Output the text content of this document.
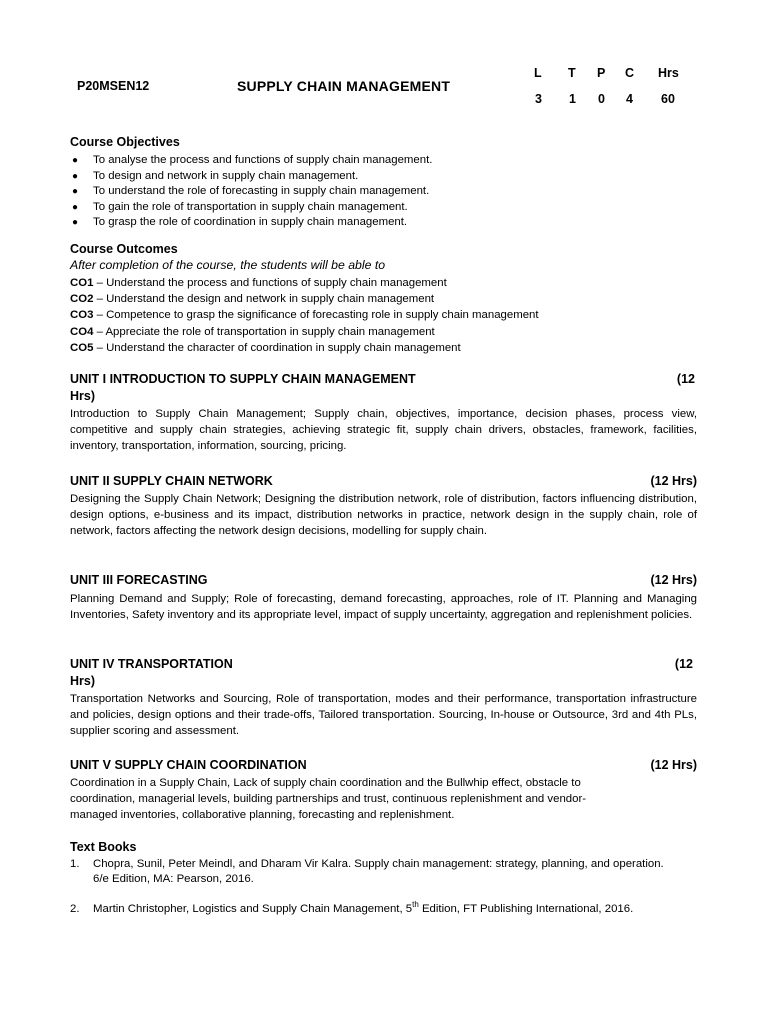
P20MSEN12	SUPPLY CHAIN MANAGEMENT
L T P C Hrs
3 1 0 4 60
Course Objectives
● To analyse the process and functions of supply chain management.
● To design and network in supply chain management.
● To understand the role of forecasting in supply chain management.
● To gain the role of transportation in supply chain management.
● To grasp the role of coordination in supply chain management.
Course Outcomes
After completion of the course, the students will be able to
CO1 – Understand the process and functions of supply chain management
CO2 – Understand the design and network in supply chain management
CO3 – Competence to grasp the significance of forecasting role in supply chain management
CO4 – Appreciate the role of transportation in supply chain management
CO5 – Understand the character of coordination in supply chain management
UNIT I INTRODUCTION TO SUPPLY CHAIN MANAGEMENT	(12
Hrs)
Introduction to Supply Chain Management; Supply chain, objectives, importance, decision phases, process view, competitive and supply chain strategies, achieving strategic fit, supply chain drivers, obstacles, framework, facilities, inventory, transportation, information, sourcing, pricing.
UNIT II SUPPLY CHAIN NETWORK	(12 Hrs)
Designing the Supply Chain Network; Designing the distribution network, role of distribution, factors influencing distribution, design options, e-business and its impact, distribution networks in practice, network design in the supply chain, role of network, factors affecting the network design decisions, modelling for supply chain.
UNIT III FORECASTING	(12 Hrs)
Planning Demand and Supply; Role of forecasting, demand forecasting, approaches, role of IT. Planning and Managing Inventories, Safety inventory and its appropriate level, impact of supply uncertainty, aggregation and replenishment policies.
UNIT IV TRANSPORTATION	(12
Hrs)
Transportation Networks and Sourcing, Role of transportation, modes and their performance, transportation infrastructure and policies, design options and their trade-offs, Tailored transportation. Sourcing, In-house or Outsource, 3rd and 4th PLs, supplier scoring and assessment.
UNIT V SUPPLY CHAIN COORDINATION	(12 Hrs)
Coordination in a Supply Chain, Lack of supply chain coordination and the Bullwhip effect, obstacle to
coordination, managerial levels, building partnerships and trust, continuous replenishment and vendor-
managed inventories, collaborative planning, forecasting and replenishment.
Text Books
1. Chopra, Sunil, Peter Meindl, and Dharam Vir Kalra. Supply chain management: strategy, planning, and operation. 6/e Edition, MA: Pearson, 2016.
2. Martin Christopher, Logistics and Supply Chain Management, 5th Edition, FT Publishing International, 2016.
